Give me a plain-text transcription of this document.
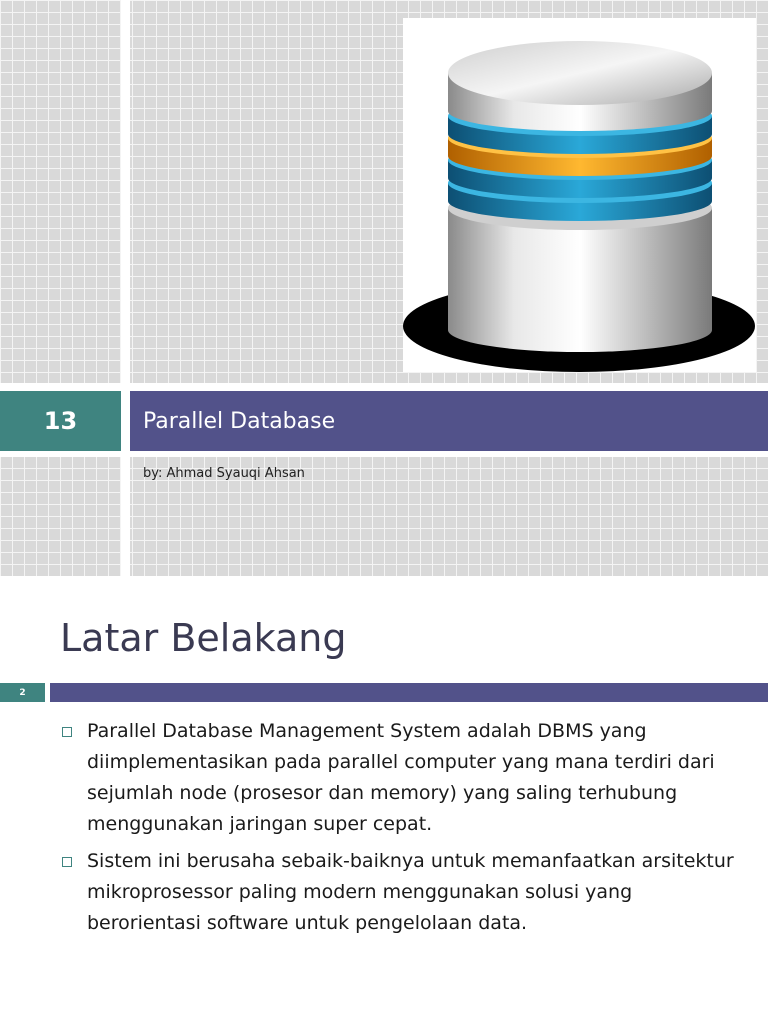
13	Parallel Database
by: Ahmad Syauqi Ahsan
Latar Belakang
2
Parallel Database Management System adalah DBMS yang diimplementasikan pada parallel computer yang mana terdiri dari sejumlah node (prosesor dan memory) yang saling terhubung menggunakan jaringan super cepat.
Sistem ini berusaha sebaik-baiknya untuk memanfaatkan arsitektur mikroprosessor paling modern menggunakan solusi yang berorientasi software untuk pengelolaan data.
